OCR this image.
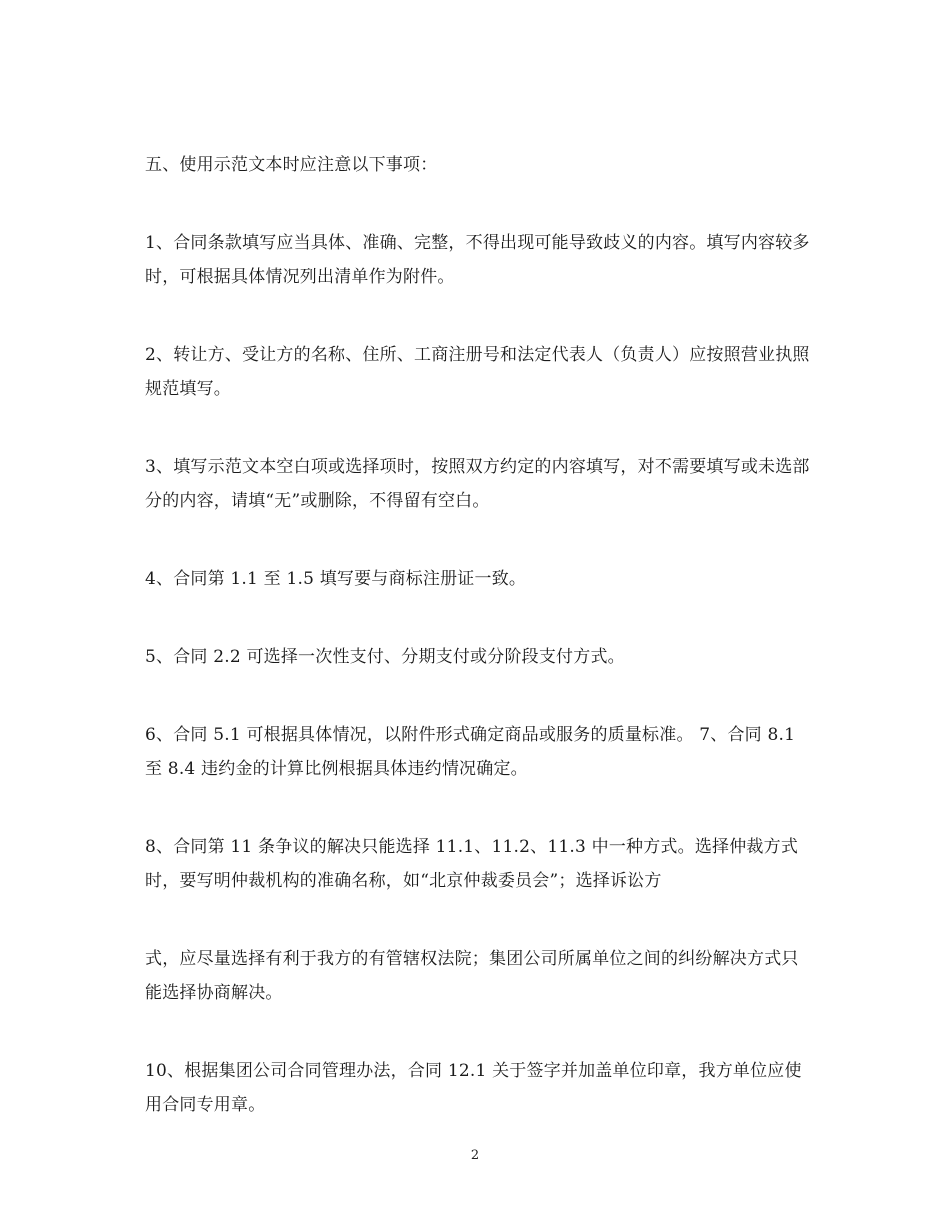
五、使用示范文本时应注意以下事项：

1、合同条款填写应当具体、准确、完整，不得出现可能导致歧义的内容。填写内容较多时，可根据具体情况列出清单作为附件。

2、转让方、受让方的名称、住所、工商注册号和法定代表人（负责人）应按照营业执照规范填写。

3、填写示范文本空白项或选择项时，按照双方约定的内容填写，对不需要填写或未选部分的内容，请填“无”或删除，不得留有空白。

4、合同第 1.1 至 1.5 填写要与商标注册证一致。

5、合同 2.2 可选择一次性支付、分期支付或分阶段支付方式。

6、合同 5.1 可根据具体情况，以附件形式确定商品或服务的质量标准。 7、合同 8.1 至 8.4 违约金的计算比例根据具体违约情况确定。

8、合同第 11 条争议的解决只能选择 11.1、11.2、11.3 中一种方式。选择仲裁方式时，要写明仲裁机构的准确名称，如“北京仲裁委员会”；选择诉讼方

式，应尽量选择有利于我方的有管辖权法院；集团公司所属单位之间的纠纷解决方式只能选择协商解决。

10、根据集团公司合同管理办法，合同 12.1 关于签字并加盖单位印章，我方单位应使用合同专用章。

2
